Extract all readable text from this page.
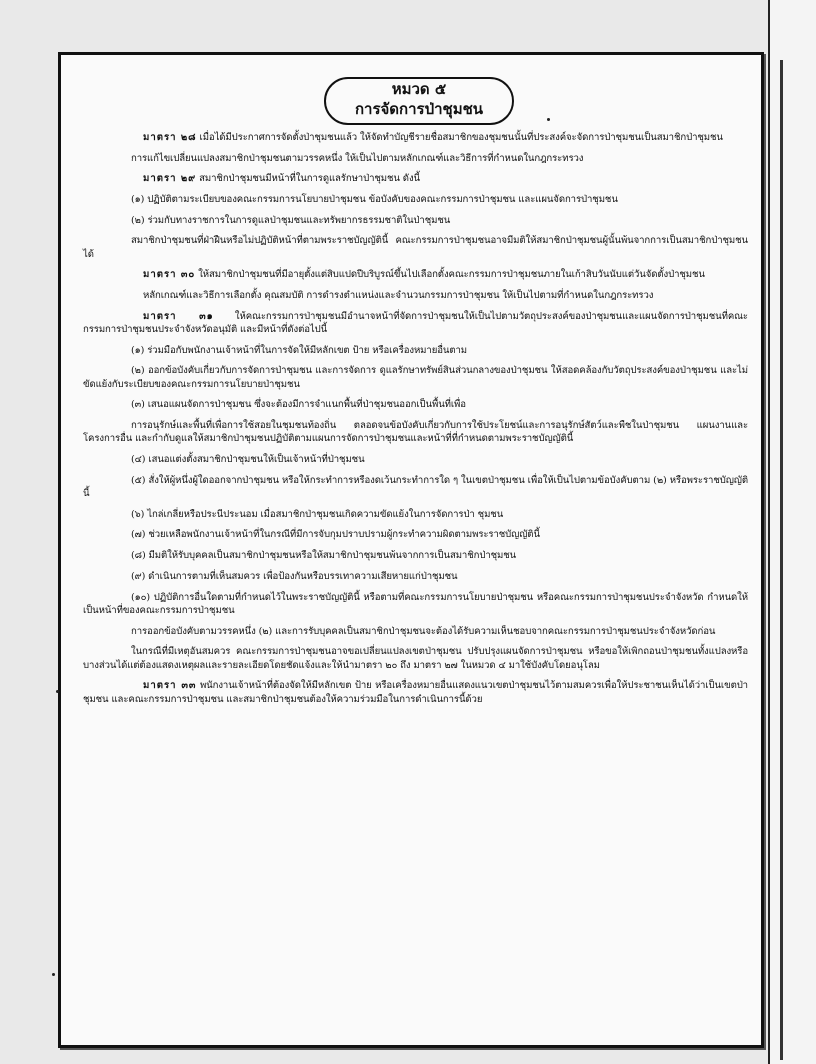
หมวด ๕
การจัดการป่าชุมชน

มาตรา ๒๘ เมื่อได้มีประกาศการจัดตั้งป่าชุมชนแล้ว ให้จัดทำบัญชีรายชื่อสมาชิกของชุมชนนั้นที่ประสงค์จะจัดการป่าชุมชนเป็นสมาชิกป่าชุมชน

การแก้ไขเปลี่ยนแปลงสมาชิกป่าชุมชนตามวรรคหนึ่ง ให้เป็นไปตามหลักเกณฑ์และวิธีการที่กำหนดในกฎกระทรวง

มาตรา ๒๙ สมาชิกป่าชุมชนมีหน้าที่ในการดูแลรักษาป่าชุมชน ดังนี้

(๑) ปฏิบัติตามระเบียบของคณะกรรมการนโยบายป่าชุมชน ข้อบังคับของคณะกรรมการป่าชุมชน และแผนจัดการป่าชุมชน

(๒) ร่วมกับทางราชการในการดูแลป่าชุมชนและทรัพยากรธรรมชาติในป่าชุมชน

สมาชิกป่าชุมชนที่ฝ่าฝืนหรือไม่ปฏิบัติหน้าที่ตามพระราชบัญญัตินี้ คณะกรรมการป่าชุมชนอาจมีมติให้สมาชิกป่าชุมชนผู้นั้นพ้นจากการเป็นสมาชิกป่าชุมชนได้

มาตรา ๓๐ ให้สมาชิกป่าชุมชนที่มีอายุตั้งแต่สิบแปดปีบริบูรณ์ขึ้นไปเลือกตั้งคณะกรรมการป่าชุมชนภายในเก้าสิบวันนับแต่วันจัดตั้งป่าชุมชน

หลักเกณฑ์และวิธีการเลือกตั้ง คุณสมบัติ การดำรงตำแหน่งและจำนวนกรรมการป่าชุมชน ให้เป็นไปตามที่กำหนดในกฎกระทรวง

มาตรา ๓๑ ให้คณะกรรมการป่าชุมชนมีอำนาจหน้าที่จัดการป่าชุมชนให้เป็นไปตามวัตถุประสงค์ของป่าชุมชนและแผนจัดการป่าชุมชนที่คณะกรรมการป่าชุมชนประจำจังหวัดอนุมัติ และมีหน้าที่ดังต่อไปนี้

(๑) ร่วมมือกับพนักงานเจ้าหน้าที่ในการจัดให้มีหลักเขต ป้าย หรือเครื่องหมายอื่นตาม

(๒) ออกข้อบังคับเกี่ยวกับการจัดการป่าชุมชน และการจัดการ ดูแลรักษาทรัพย์สินส่วนกลางของป่าชุมชน ให้สอดคล้องกับวัตถุประสงค์ของป่าชุมชน และไม่ขัดแย้งกับระเบียบของคณะกรรมการนโยบายป่าชุมชน

(๓) เสนอแผนจัดการป่าชุมชน ซึ่งจะต้องมีการจำแนกพื้นที่ป่าชุมชนออกเป็นพื้นที่เพื่อ

การอนุรักษ์และพื้นที่เพื่อการใช้สอยในชุมชนท้องถิ่น ตลอดจนข้อบังคับเกี่ยวกับการใช้ประโยชน์และการอนุรักษ์สัตว์และพืชในป่าชุมชน แผนงานและโครงการอื่น และกำกับดูแลให้สมาชิกป่าชุมชนปฏิบัติตามแผนการจัดการป่าชุมชนและหน้าที่ที่กำหนดตามพระราชบัญญัตินี้

(๔) เสนอแต่งตั้งสมาชิกป่าชุมชนให้เป็นเจ้าหน้าที่ป่าชุมชน

(๕) สั่งให้ผู้หนึ่งผู้ใดออกจากป่าชุมชน หรือให้กระทำการหรืองดเว้นกระทำการใด ๆ ในเขตป่าชุมชน เพื่อให้เป็นไปตามข้อบังคับตาม (๒) หรือพระราชบัญญัตินี้

(๖) ไกล่เกลี่ยหรือประนีประนอม เมื่อสมาชิกป่าชุมชนเกิดความขัดแย้งในการจัดการป่า ชุมชน

(๗) ช่วยเหลือพนักงานเจ้าหน้าที่ในกรณีที่มีการจับกุมปราบปรามผู้กระทำความผิดตามพระราชบัญญัตินี้

(๘) มีมติให้รับบุคคลเป็นสมาชิกป่าชุมชนหรือให้สมาชิกป่าชุมชนพ้นจากการเป็นสมาชิกป่าชุมชน

(๙) ดำเนินการตามที่เห็นสมควร เพื่อป้องกันหรือบรรเทาความเสียหายแก่ป่าชุมชน

(๑๐) ปฏิบัติการอื่นใดตามที่กำหนดไว้ในพระราชบัญญัตินี้ หรือตามที่คณะกรรมการนโยบายป่าชุมชน หรือคณะกรรมการป่าชุมชนประจำจังหวัด กำหนดให้เป็นหน้าที่ของคณะกรรมการป่าชุมชน

การออกข้อบังคับตามวรรคหนึ่ง (๒) และการรับบุคคลเป็นสมาชิกป่าชุมชนจะต้องได้รับความเห็นชอบจากคณะกรรมการป่าชุมชนประจำจังหวัดก่อน

ในกรณีที่มีเหตุอันสมควร คณะกรรมการป่าชุมชนอาจขอเปลี่ยนแปลงเขตป่าชุมชน ปรับปรุงแผนจัดการป่าชุมชน หรือขอให้เพิกถอนป่าชุมชนทั้งแปลงหรือบางส่วนได้แต่ต้องแสดงเหตุผลและรายละเอียดโดยชัดแจ้งและให้นำมาตรา ๒๐ ถึง มาตรา ๒๗ ในหมวด ๔ มาใช้บังคับโดยอนุโลม

มาตรา ๓๓ พนักงานเจ้าหน้าที่ต้องจัดให้มีหลักเขต ป้าย หรือเครื่องหมายอื่นแสดงแนวเขตป่าชุมชนไว้ตามสมควรเพื่อให้ประชาชนเห็นได้ว่าเป็นเขตป่าชุมชน และคณะกรรมการป่าชุมชน และสมาชิกป่าชุมชนต้องให้ความร่วมมือในการดำเนินการนี้ด้วย
